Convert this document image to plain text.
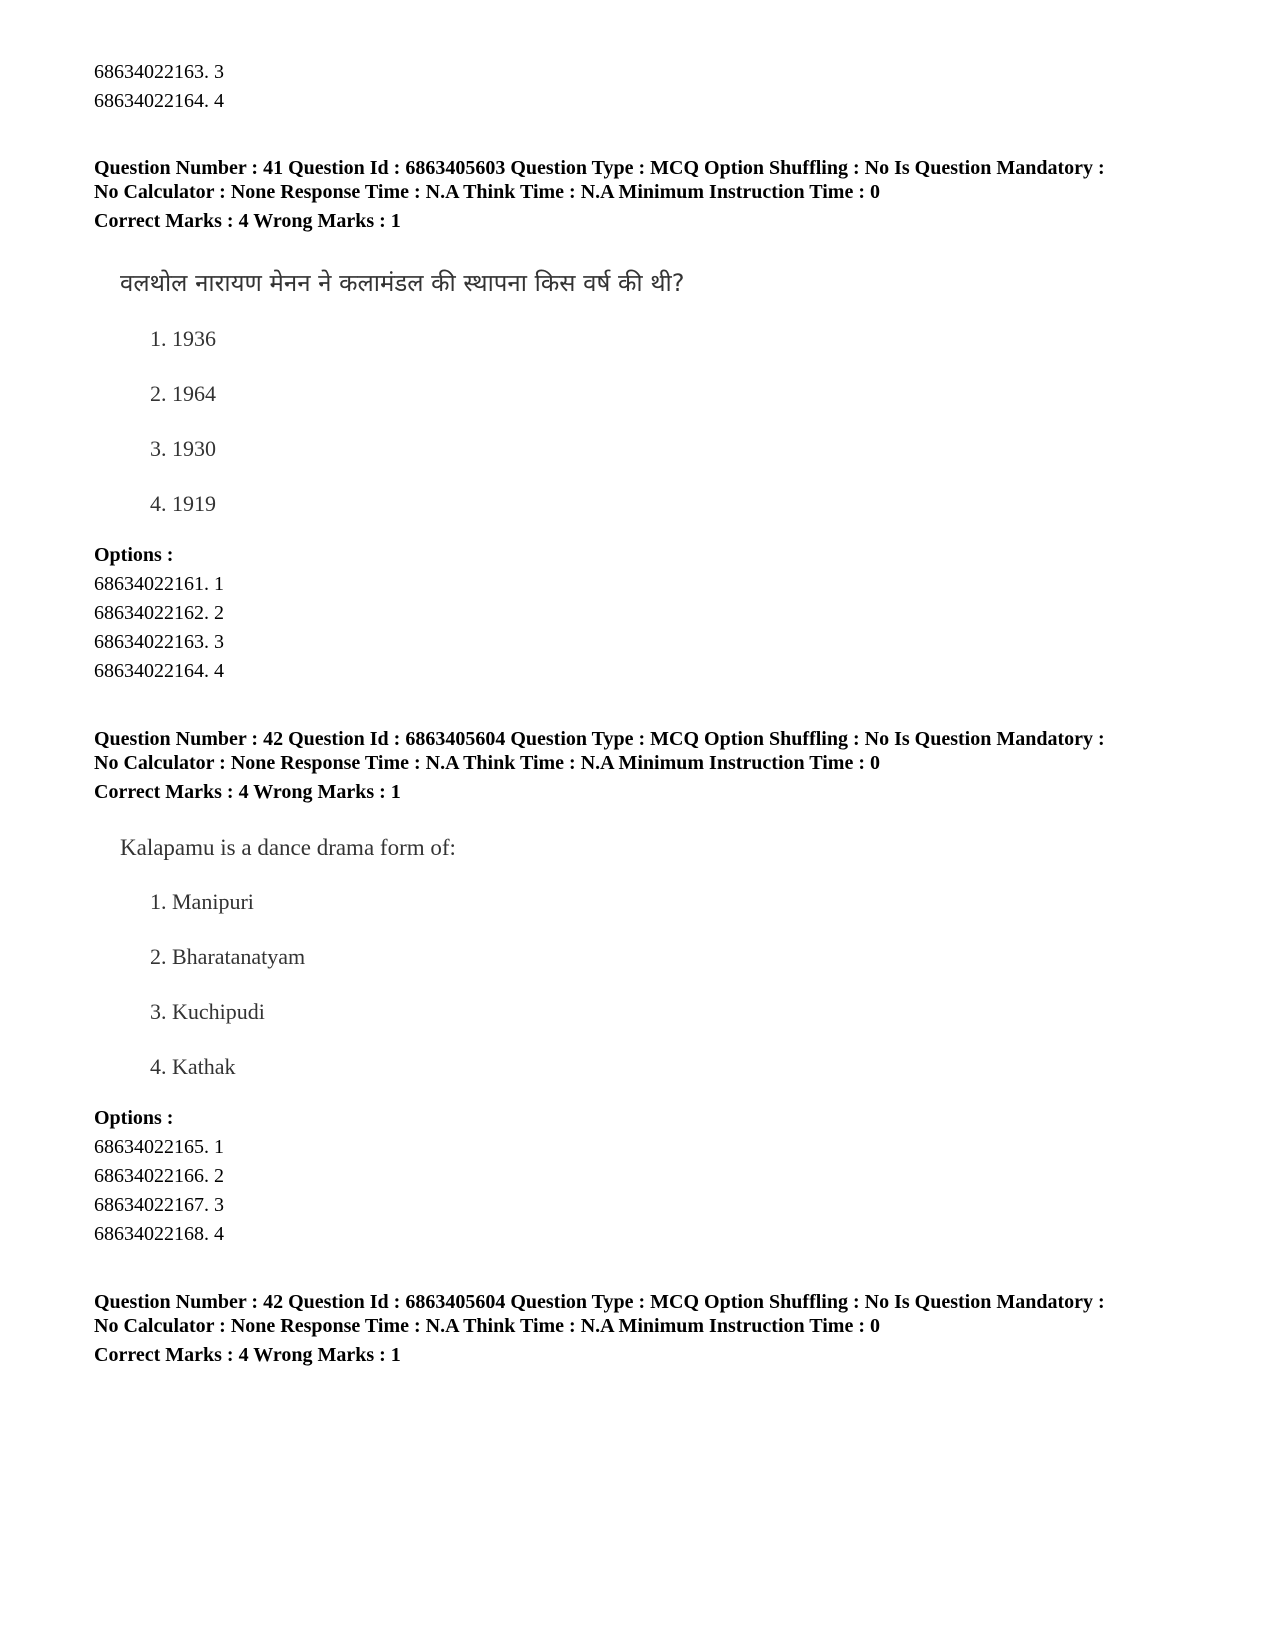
68634022163. 3
68634022164. 4
Question Number : 41 Question Id : 6863405603 Question Type : MCQ Option Shuffling : No Is Question Mandatory :
No Calculator : None Response Time : N.A Think Time : N.A Minimum Instruction Time : 0
Correct Marks : 4 Wrong Marks : 1
वलथोल नारायण मेनन ने कलामंडल की स्थापना किस वर्ष की थी?
1. 1936
2. 1964
3. 1930
4. 1919
Options :
68634022161. 1
68634022162. 2
68634022163. 3
68634022164. 4
Question Number : 42 Question Id : 6863405604 Question Type : MCQ Option Shuffling : No Is Question Mandatory :
No Calculator : None Response Time : N.A Think Time : N.A Minimum Instruction Time : 0
Correct Marks : 4 Wrong Marks : 1
Kalapamu is a dance drama form of:
1. Manipuri
2. Bharatanatyam
3. Kuchipudi
4. Kathak
Options :
68634022165. 1
68634022166. 2
68634022167. 3
68634022168. 4
Question Number : 42 Question Id : 6863405604 Question Type : MCQ Option Shuffling : No Is Question Mandatory :
No Calculator : None Response Time : N.A Think Time : N.A Minimum Instruction Time : 0
Correct Marks : 4 Wrong Marks : 1
